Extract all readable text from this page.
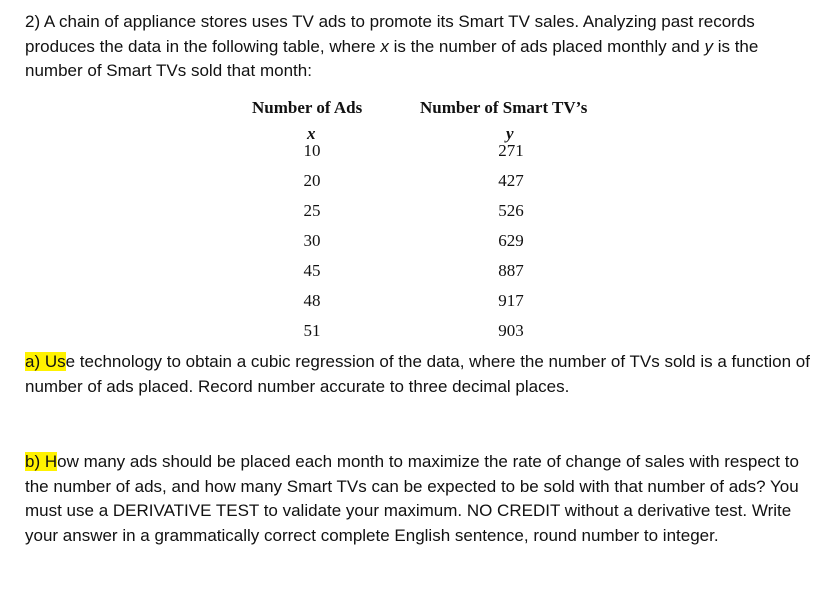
2) A chain of appliance stores uses TV ads to promote its Smart TV sales. Analyzing past records produces the data in the following table, where x is the number of ads placed monthly and y is the number of Smart TVs sold that month:
Number of Ads	Number of Smart TV’s
x	y
10	271
20	427
25	526
30	629
45	887
48	917
51	903
a) Use technology to obtain a cubic regression of the data, where the number of TVs sold is a function of number of ads placed. Record number accurate to three decimal places.
b) How many ads should be placed each month to maximize the rate of change of sales with respect to the number of ads, and how many Smart TVs can be expected to be sold with that number of ads? You must use a DERIVATIVE TEST to validate your maximum. NO CREDIT without a derivative test. Write your answer in a grammatically correct complete English sentence, round number to integer.
